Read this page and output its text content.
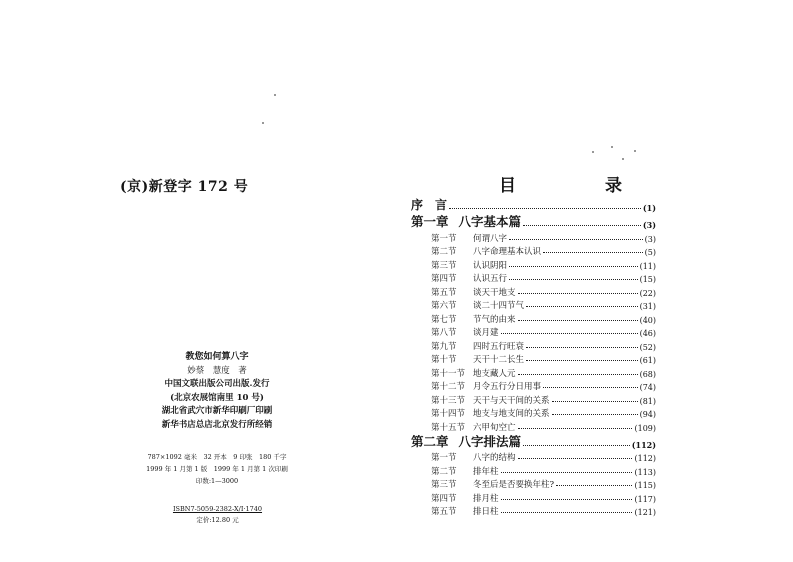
(京)新登字 172 号
教您如何算八字
妙蔡　慧度　著
中国文联出版公司出版.发行
(北京农展馆南里 10 号)
湖北省武穴市新华印刷厂印刷
新华书店总店北京发行所经销
787×1092 毫米　32 开本　9 印张　180 千字
1999 年 1 月第 1 版　1999 年 1 月第 1 次印刷
印数:1—3000
ISBN7-5059-2382-X/I·1740
定价:12.80 元
目　录
序　言	(1)
第一章 八字基本篇	(3)
第一节	何谓八字	(3)
第二节	八字命理基本认识	(5)
第三节	认识阴阳	(11)
第四节	认识五行	(15)
第五节	谈天干地支	(22)
第六节	谈二十四节气	(31)
第七节	节气的由来	(40)
第八节	谈月建	(46)
第九节	四时五行旺衰	(52)
第十节	天干十二长生	(61)
第十一节 地支藏人元	(68)
第十二节 月令五行分日用事	(74)
第十三节 天干与天干间的关系	(81)
第十四节 地支与地支间的关系	(94)
第十五节 六甲旬空亡	(109)
第二章 八字排法篇	(112)
第一节	八字的结构	(112)
第二节	排年柱	(113)
第三节	冬至后是否要换年柱?	(115)
第四节	排月柱	(117)
第五节	排日柱	(121)
